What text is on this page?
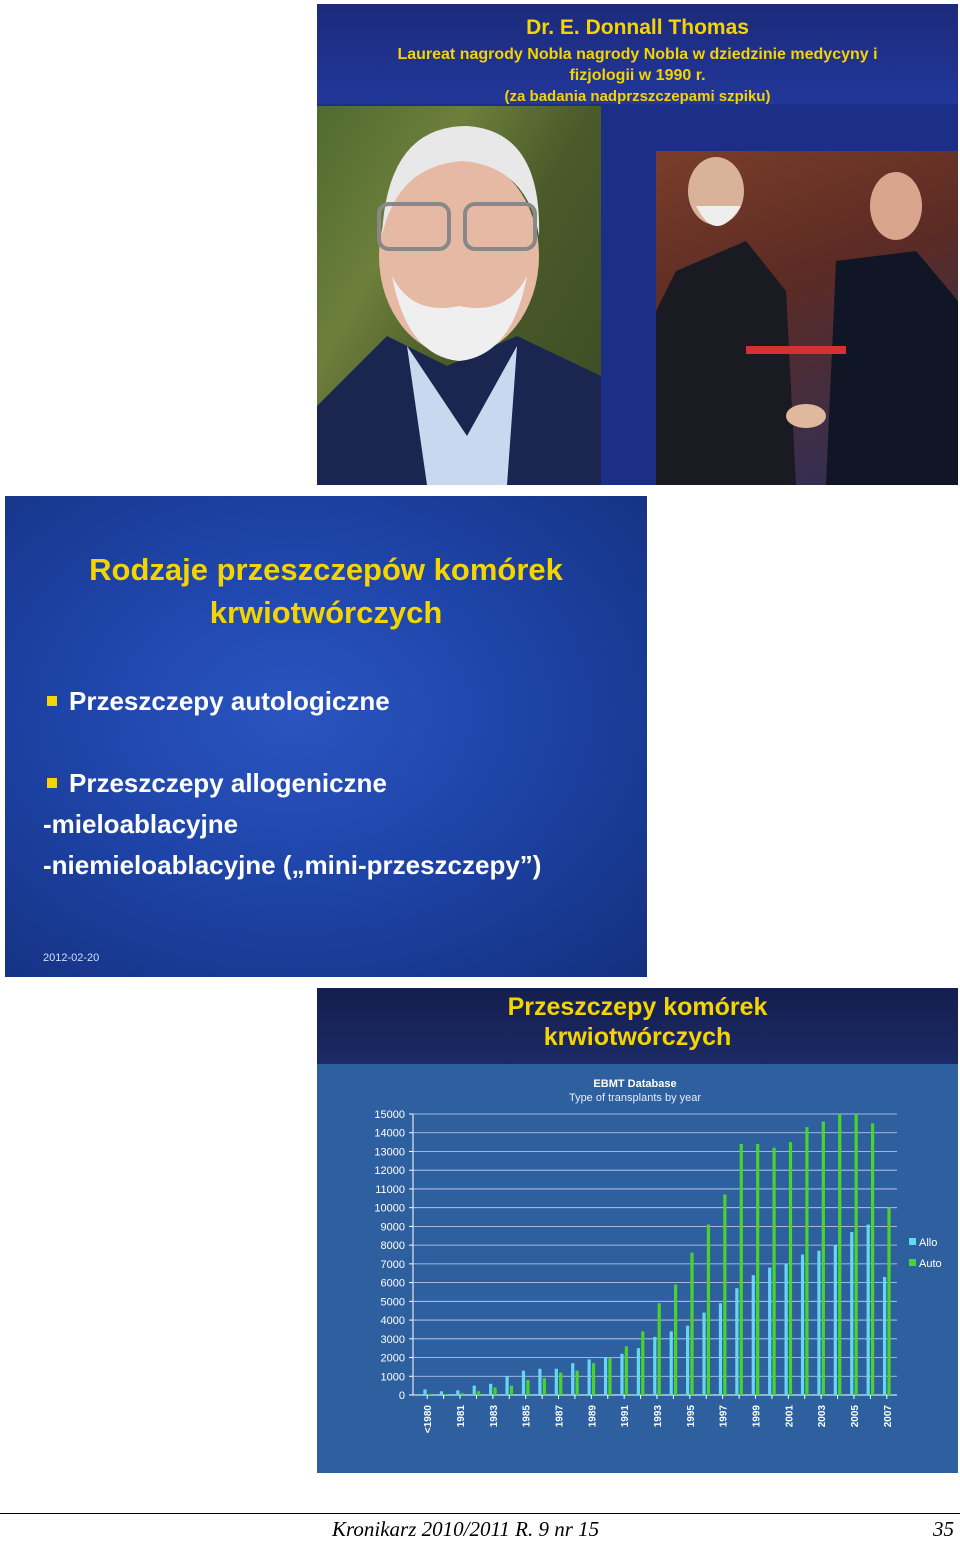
Dr. E. Donnall Thomas
Laureat nagrody Nobla nagrody Nobla w dziedzinie medycyny i
fizjologii w 1990 r.
(za badania nadprzszczepami szpiku)
Rodzaje przeszczepów komórek
krwiotwórczych
Przeszczepy autologiczne
Przeszczepy allogeniczne
-mieloablacyjne
-niemieloablacyjne („mini-przeszczepy”)
2012-02-20
Przeszczepy komórek
krwiotwórczych
EBMT Database
Type of transplants by year
0
1000
2000
3000
4000
5000
6000
7000
8000
9000
10000
11000
12000
13000
14000
15000
<1980 1981 1983 1985 1987 1989 1991 1993 1995 1997 1999 2001 2003 2005 2007
Allo
Auto
Kronikarz 2010/2011 R. 9 nr 15	35
